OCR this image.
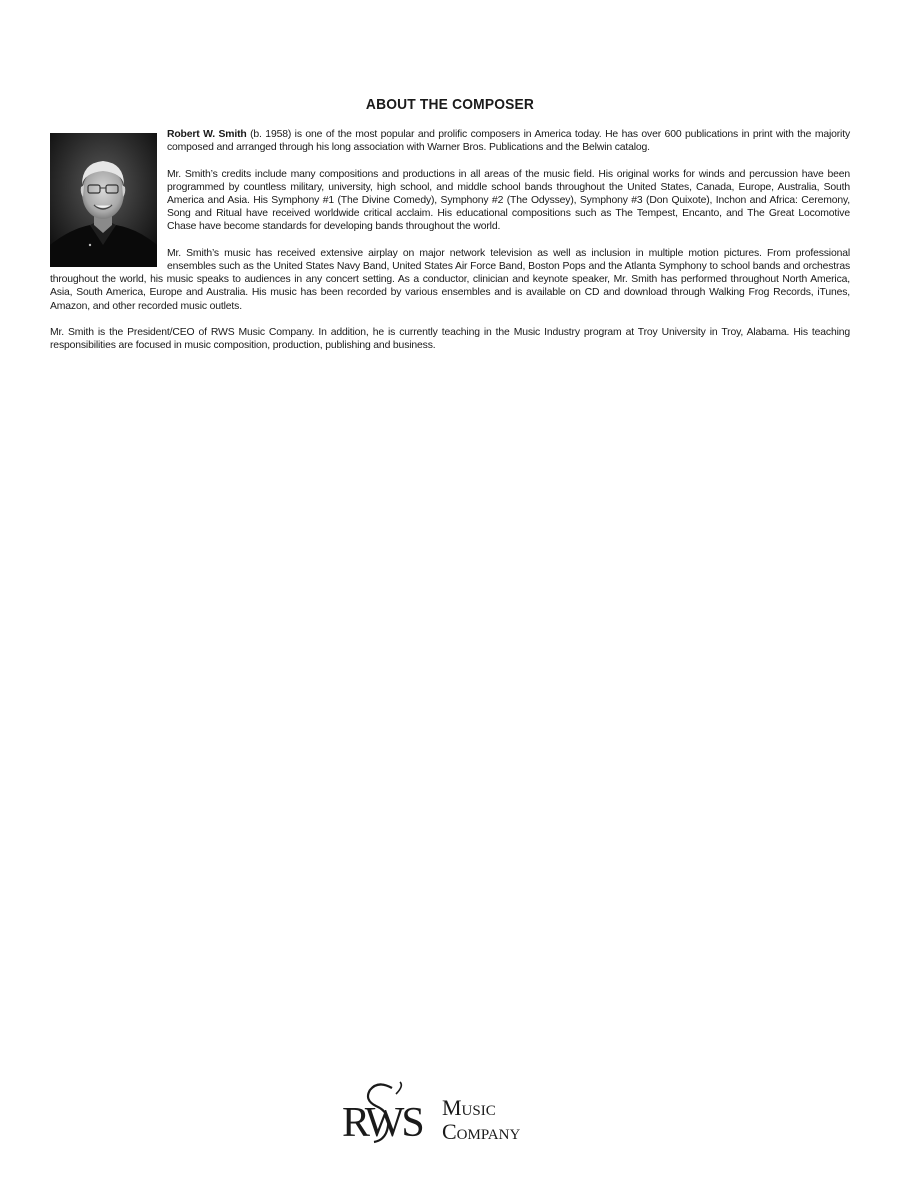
ABOUT THE COMPOSER

Robert W. Smith (b. 1958) is one of the most popular and prolific composers in America today. He has over 600 publications in print with the majority composed and arranged through his long association with Warner Bros. Publications and the Belwin catalog.

Mr. Smith’s credits include many compositions and productions in all areas of the music field. His original works for winds and percussion have been programmed by countless military, university, high school, and middle school bands throughout the United States, Canada, Europe, Australia, South America and Asia. His Symphony #1 (The Divine Comedy), Symphony #2 (The Odyssey), Symphony #3 (Don Quixote), Inchon and Africa: Ceremony, Song and Ritual have received worldwide critical acclaim. His educational compositions such as The Tempest, Encanto, and The Great Locomotive Chase have become standards for developing bands throughout the world.

Mr. Smith’s music has received extensive airplay on major network television as well as inclusion in multiple motion pictures. From professional ensembles such as the United States Navy Band, United States Air Force Band, Boston Pops and the Atlanta Symphony to school bands and orchestras throughout the world, his music speaks to audiences in any concert setting. As a conductor, clinician and keynote speaker, Mr. Smith has performed throughout North America, Asia, South America, Europe and Australia. His music has been recorded by various ensembles and is available on CD and download through Walking Frog Records, iTunes, Amazon, and other recorded music outlets.

Mr. Smith is the President/CEO of RWS Music Company. In addition, he is currently teaching in the Music Industry program at Troy University in Troy, Alabama. His teaching responsibilities are focused in music composition, production, publishing and business.

RWS Music
Company
